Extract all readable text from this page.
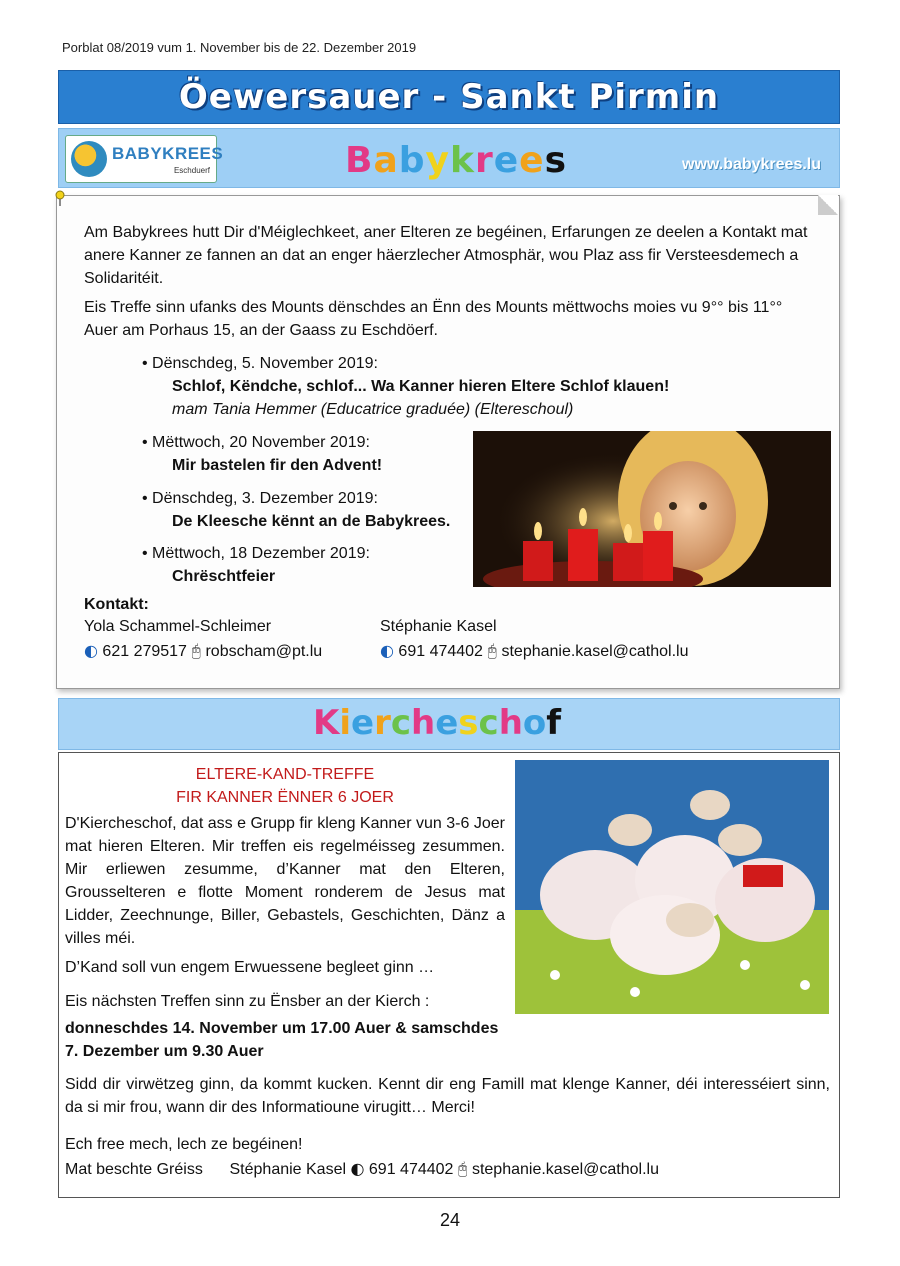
Porblat 08/2019 vum 1. November bis de 22. Dezember 2019
Öewersauer - Sankt Pirmin
BABYKREES
Eschduerf	Babykrees	www.babykrees.lu
Am Babykrees hutt Dir d'Méiglechkeet, aner Elteren ze begéinen, Erfarungen ze deelen a Kontakt mat anere Kanner ze fannen an dat an enger häerzlecher Atmosphär, wou Plaz ass fir Versteesdemech a Solidaritéit.
Eis Treffe sinn ufanks des Mounts dënschdes an Ënn des Mounts mëttwochs moies vu 9°° bis 11°° Auer am Porhaus 15, an der Gaass zu Eschdöerf.
• Dënschdeg, 5. November 2019:
Schlof, Këndche, schlof... Wa Kanner hieren Eltere Schlof klauen!
mam Tania Hemmer (Educatrice graduée) (Eltereschoul)
• Mëttwoch, 20 November 2019:
Mir bastelen fir den Advent!
• Dënschdeg, 3. Dezember 2019:
De Kleesche kënnt an de Babykrees.
• Mëttwoch, 18 Dezember 2019:
Chrëschtfeier
Kontakt:
Yola Schammel-Schleimer	Stéphanie Kasel
◐ 621 279517 🖰 robscham@pt.lu	◐ 691 474402 🖰 stephanie.kasel@cathol.lu
Kiercheschof
ELTERE-KAND-TREFFE
FIR KANNER ËNNER 6 JOER
D'Kiercheschof, dat ass e Grupp fir kleng Kanner vun 3-6 Joer mat hieren Elteren. Mir treffen eis regelméisseg zesummen. Mir erliewen zesumme, d’Kanner mat den Elteren, Grousselteren e flotte Moment ronderem de Jesus mat Lidder, Zeechnunge, Biller, Gebastels, Geschichten, Dänz a villes méi.
D’Kand soll vun engem Erwuessene begleet ginn …
Eis nächsten Treffen sinn zu Ënsber an der Kierch :
donneschdes 14. November um 17.00 Auer & samschdes 7. Dezember um 9.30 Auer
Sidd dir virwëtzeg ginn, da kommt kucken. Kennt dir eng Famill mat klenge Kanner, déi interesséiert sinn, da si mir frou, wann dir des Informatioune virugitt… Merci!
Ech free mech, lech ze begéinen!
Mat beschte Gréiss Stéphanie Kasel ◐ 691 474402 🖰 stephanie.kasel@cathol.lu
24
